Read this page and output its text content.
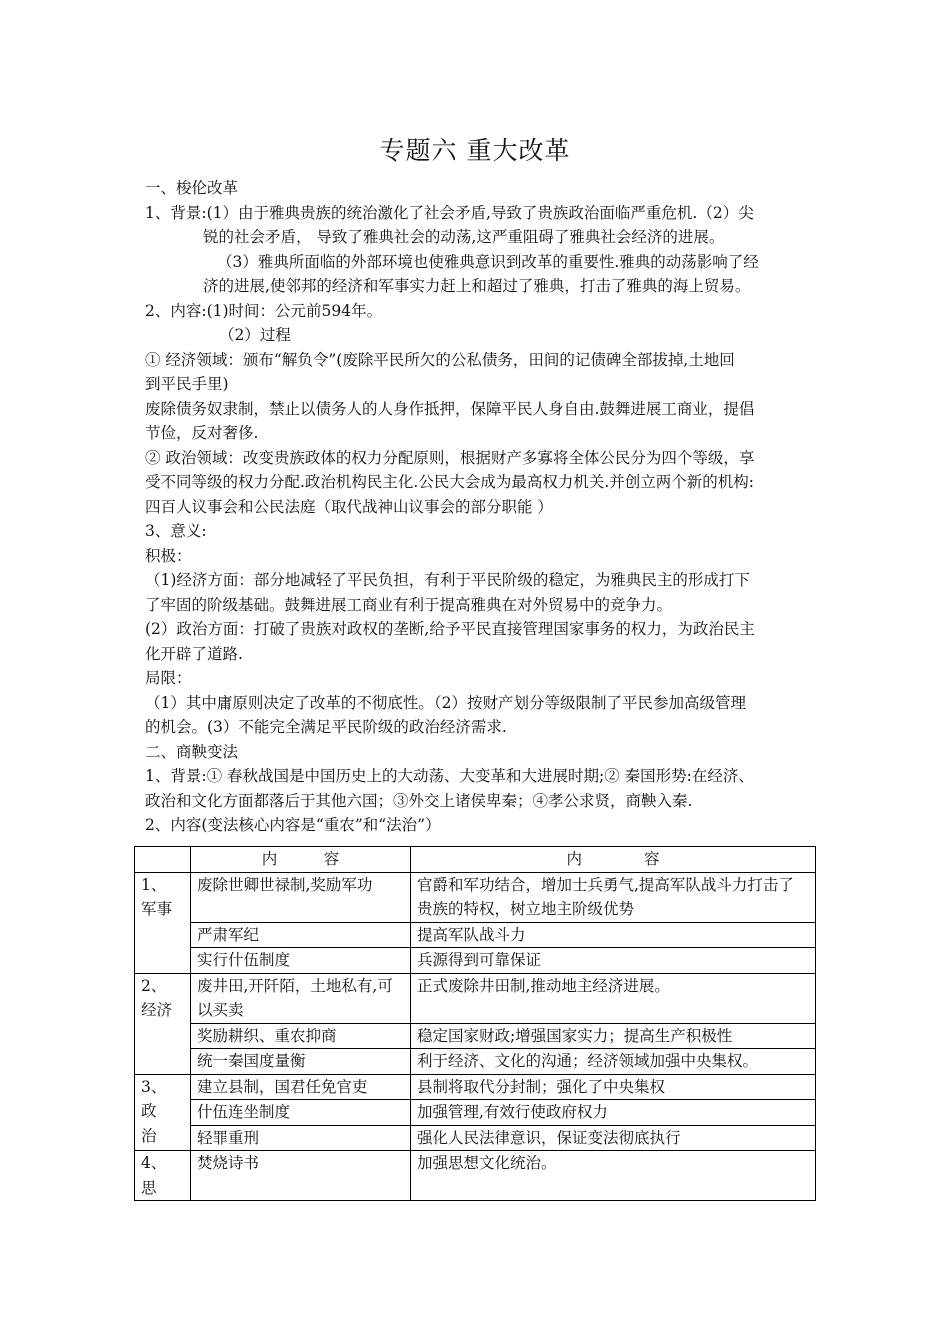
专题六 重大改革

一、梭伦改革

1、背景:(1）由于雅典贵族的统治激化了社会矛盾,导致了贵族政治面临严重危机.（2）尖

锐的社会矛盾， 导致了雅典社会的动荡,这严重阻碍了雅典社会经济的进展。

（3）雅典所面临的外部环境也使雅典意识到改革的重要性.雅典的动荡影响了经

济的进展,使邻邦的经济和军事实力赶上和超过了雅典，打击了雅典的海上贸易。

2、内容:(1)时间：公元前594年。

（2）过程

① 经济领域：颁布“解负令”(废除平民所欠的公私债务，田间的记债碑全部拔掉,土地回

到平民手里)

废除债务奴隶制，禁止以债务人的人身作抵押，保障平民人身自由.鼓舞进展工商业，提倡

节俭，反对奢侈.

② 政治领域：改变贵族政体的权力分配原则，根据财产多寡将全体公民分为四个等级，享

受不同等级的权力分配.政治机构民主化.公民大会成为最高权力机关.并创立两个新的机构:

四百人议事会和公民法庭（取代战神山议事会的部分职能 ）

3、意义:

积极：

（1)经济方面：部分地减轻了平民负担，有利于平民阶级的稳定，为雅典民主的形成打下

了牢固的阶级基础。鼓舞进展工商业有利于提高雅典在对外贸易中的竞争力。

(2）政治方面：打破了贵族对政权的垄断,给予平民直接管理国家事务的权力，为政治民主

化开辟了道路.

局限：

（1）其中庸原则决定了改革的不彻底性。（2）按财产划分等级限制了平民参加高级管理

的机会。(3）不能完全满足平民阶级的政治经济需求.

二、商鞅变法

1、背景:① 春秋战国是中国历史上的大动荡、大变革和大进展时期;② 秦国形势:在经济、

政治和文化方面都落后于其他六国；③外交上诸侯卑秦；④孝公求贤，商鞅入秦.

2、内容(变法核心内容是“重农”和“法治”）

	内　　　容	内　　　　容
1、
军事	废除世卿世禄制,奖励军功	官爵和军功结合，增加士兵勇气,提高军队战斗力打击了贵族的特权，树立地主阶级优势
	严肃军纪	提高军队战斗力
	实行什伍制度	兵源得到可靠保证
2、
经济	废井田,开阡陌，土地私有,可以买卖	正式废除井田制,推动地主经济进展。
	奖励耕织、重农抑商	稳定国家财政;增强国家实力；提高生产积极性
	统一秦国度量衡	利于经济、文化的沟通；经济领域加强中央集权。
3、 政
治	建立县制，国君任免官吏	县制将取代分封制；强化了中央集权
	什伍连坐制度	加强管理,有效行使政府权力
	轻罪重刑	强化人民法律意识，保证变法彻底执行
4、 思	焚烧诗书	加强思想文化统治。
